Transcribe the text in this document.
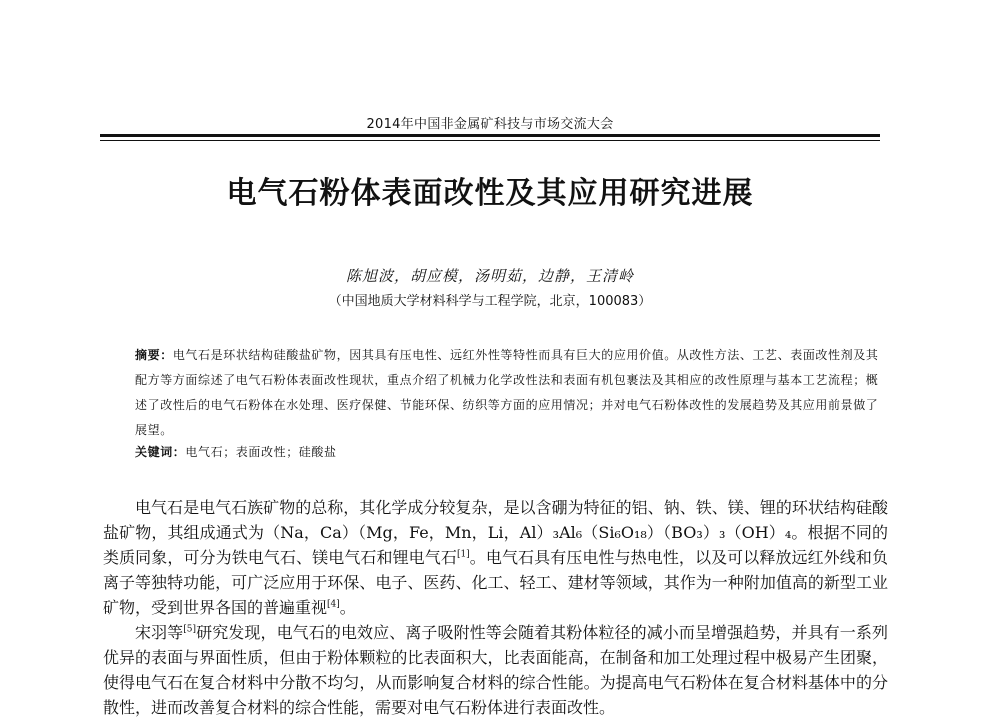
2014年中国非金属矿科技与市场交流大会
电气石粉体表面改性及其应用研究进展
陈旭波，胡应模，汤明茹，边静，王清岭
（中国地质大学材料科学与工程学院，北京，100083）
摘要：电气石是环状结构硅酸盐矿物，因其具有压电性、远红外性等特性而具有巨大的应用价值。从改性方法、工艺、表面改性剂及其配方等方面综述了电气石粉体表面改性现状，重点介绍了机械力化学改性法和表面有机包裹法及其相应的改性原理与基本工艺流程；概述了改性后的电气石粉体在水处理、医疗保健、节能环保、纺织等方面的应用情况；并对电气石粉体改性的发展趋势及其应用前景做了展望。
关键词：电气石；表面改性；硅酸盐

电气石是电气石族矿物的总称，其化学成分较复杂，是以含硼为特征的铝、钠、铁、镁、锂的环状结构硅酸盐矿物，其组成通式为（Na，Ca）（Mg，Fe，Mn，Li，Al）₃Al₆（Si₆O₁₈）（BO₃）₃（OH）₄。根据不同的类质同象，可分为铁电气石、镁电气石和锂电气石[1]。电气石具有压电性与热电性，以及可以释放远红外线和负离子等独特功能，可广泛应用于环保、电子、医药、化工、轻工、建材等领域，其作为一种附加值高的新型工业矿物，受到世界各国的普遍重视[4]。

宋羽等[5]研究发现，电气石的电效应、离子吸附性等会随着其粉体粒径的减小而呈增强趋势，并具有一系列优异的表面与界面性质，但由于粉体颗粒的比表面积大，比表面能高，在制备和加工处理过程中极易产生团聚，使得电气石在复合材料中分散不均匀，从而影响复合材料的综合性能。为提高电气石粉体在复合材料基体中的分散性，进而改善复合材料的综合性能，需要对电气石粉体进行表面改性。
